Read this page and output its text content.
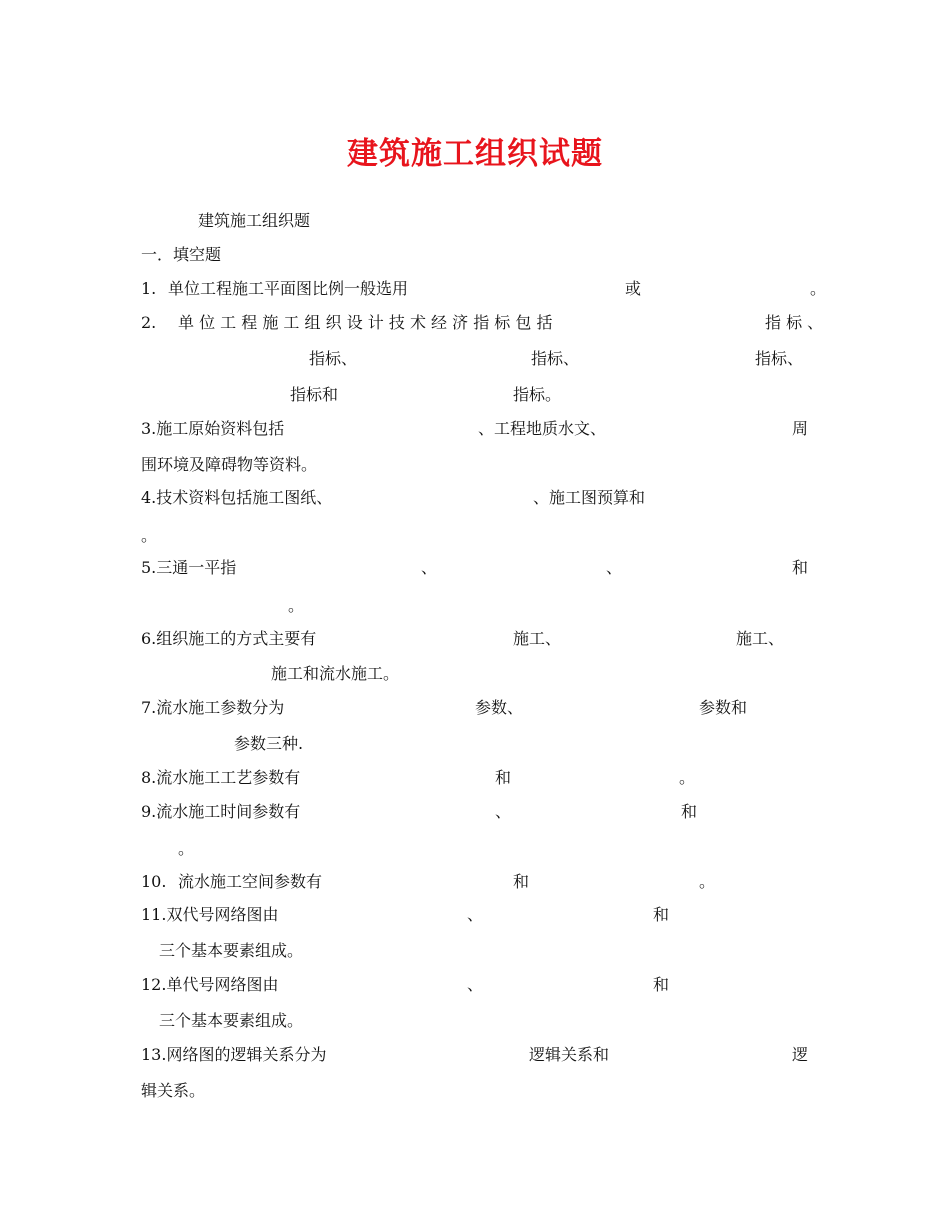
建筑施工组织试题
建筑施工组织题
一．填空题
1. 单位工程施工平面图比例一般选用	或	。
2. 单 位 工 程 施 工 组 织 设 计 技 术 经 济 指 标 包 括	指 标 、
指标、	指标、	指标、
指标和	指标。
3.施工原始资料包括	、工程地质水文、	周
围环境及障碍物等资料。
4.技术资料包括施工图纸、	、施工图预算和
。
5.三通一平指	、	、	和
。
6.组织施工的方式主要有	施工、	施工、
施工和流水施工。
7.流水施工参数分为	参数、	参数和
参数三种.
8.流水施工工艺参数有	和	。
9.流水施工时间参数有	、	和
。
10. 流水施工空间参数有	和	。
11.双代号网络图由	、	和
三个基本要素组成。
12.单代号网络图由	、	和
三个基本要素组成。
13.网络图的逻辑关系分为	逻辑关系和	逻
辑关系。
